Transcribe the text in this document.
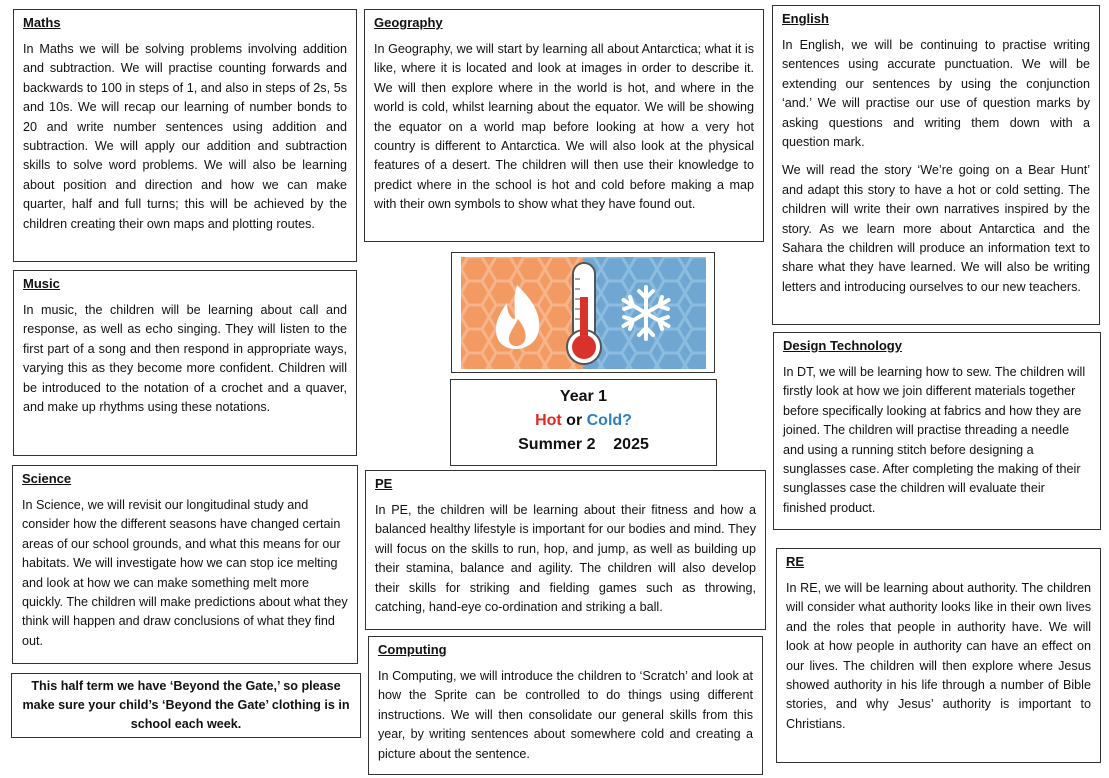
Maths

In Maths we will be solving problems involving addition and subtraction. We will practise counting forwards and backwards to 100 in steps of 1, and also in steps of 2s, 5s and 10s. We will recap our learning of number bonds to 20 and write number sentences using addition and subtraction. We will apply our addition and subtraction skills to solve word problems. We will also be learning about position and direction and how we can make quarter, half and full turns; this will be achieved by the children creating their own maps and plotting routes.

Music

In music, the children will be learning about call and response, as well as echo singing. They will listen to the first part of a song and then respond in appropriate ways, varying this as they become more confident. Children will be introduced to the notation of a crochet and a quaver, and make up rhythms using these notations.

Science

In Science, we will revisit our longitudinal study and consider how the different seasons have changed certain areas of our school grounds, and what this means for our habitats. We will investigate how we can stop ice melting and look at how we can make something melt more quickly. The children will make predictions about what they think will happen and draw conclusions of what they find out.

This half term we have ‘Beyond the Gate,’ so please make sure your child’s ‘Beyond the Gate’ clothing is in school each week.

Geography

In Geography, we will start by learning all about Antarctica; what it is like, where it is located and look at images in order to describe it. We will then explore where in the world is hot, and where in the world is cold, whilst learning about the equator. We will be showing the equator on a world map before looking at how a very hot country is different to Antarctica. We will also look at the physical features of a desert. The children will then use their knowledge to predict where in the school is hot and cold before making a map with their own symbols to show what they have found out.

Year 1
Hot or Cold?
Summer 2    2025
PE

In PE, the children will be learning about their fitness and how a balanced healthy lifestyle is important for our bodies and mind. They will focus on the skills to run, hop, and jump, as well as building up their stamina, balance and agility. The children will also develop their skills for striking and fielding games such as throwing, catching, hand-eye co-ordination and striking a ball.

Computing

In Computing, we will introduce the children to ‘Scratch’ and look at how the Sprite can be controlled to do things using different instructions. We will then consolidate our general skills from this year, by writing sentences about somewhere cold and creating a picture about the sentence.

English

In English, we will be continuing to practise writing sentences using accurate punctuation. We will be extending our sentences by using the conjunction ‘and.’ We will practise our use of question marks by asking questions and writing them down with a question mark.

We will read the story ‘We’re going on a Bear Hunt’ and adapt this story to have a hot or cold setting. The children will write their own narratives inspired by the story. As we learn more about Antarctica and the Sahara the children will produce an information text to share what they have learned. We will also be writing letters and introducing ourselves to our new teachers.

Design Technology

In DT, we will be learning how to sew. The children will firstly look at how we join different materials together before specifically looking at fabrics and how they are joined. The children will practise threading a needle and using a running stitch before designing a sunglasses case. After completing the making of their sunglasses case the children will evaluate their finished product.

RE

In RE, we will be learning about authority. The children will consider what authority looks like in their own lives and the roles that people in authority have. We will look at how people in authority can have an effect on our lives. The children will then explore where Jesus showed authority in his life through a number of Bible stories, and why Jesus’ authority is important to Christians.
